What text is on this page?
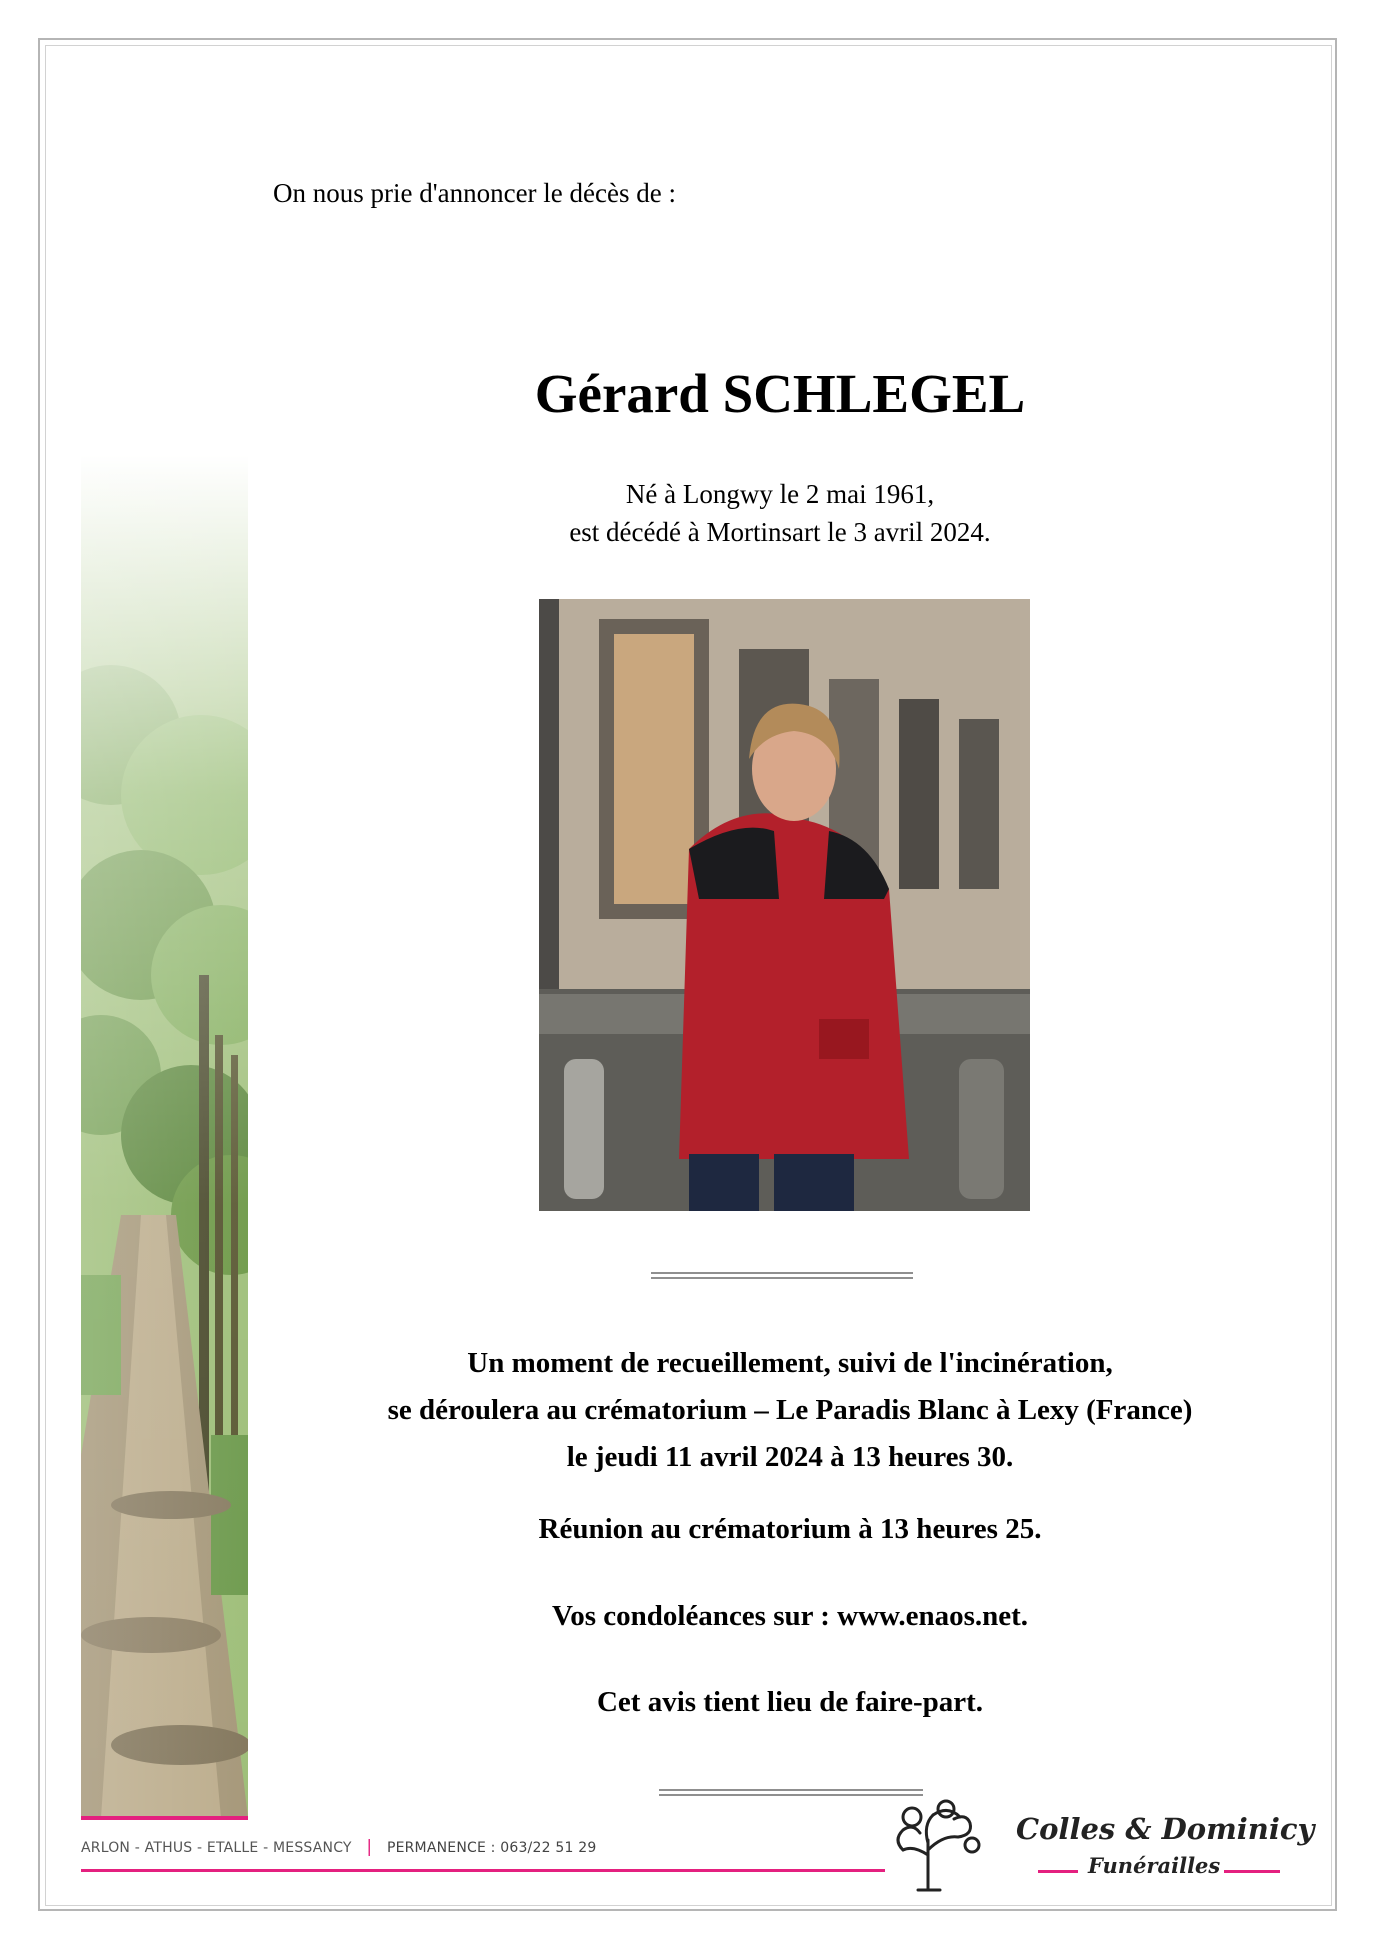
On nous prie d'annoncer le décès de :
Gérard SCHLEGEL
Né à Longwy le 2 mai 1961,
est décédé à Mortinsart le 3 avril 2024.
Un moment de recueillement, suivi de l'incinération,
se déroulera au crématorium – Le Paradis Blanc à Lexy (France)
le jeudi 11 avril 2024 à 13 heures 30.
Réunion au crématorium à 13 heures 25.
Vos condoléances sur : www.enaos.net.
Cet avis tient lieu de faire-part.
ARLON - ATHUS - ETALLE - MESSANCY | PERMANENCE : 063/22 51 29
Colles & Dominicy
Funérailles
